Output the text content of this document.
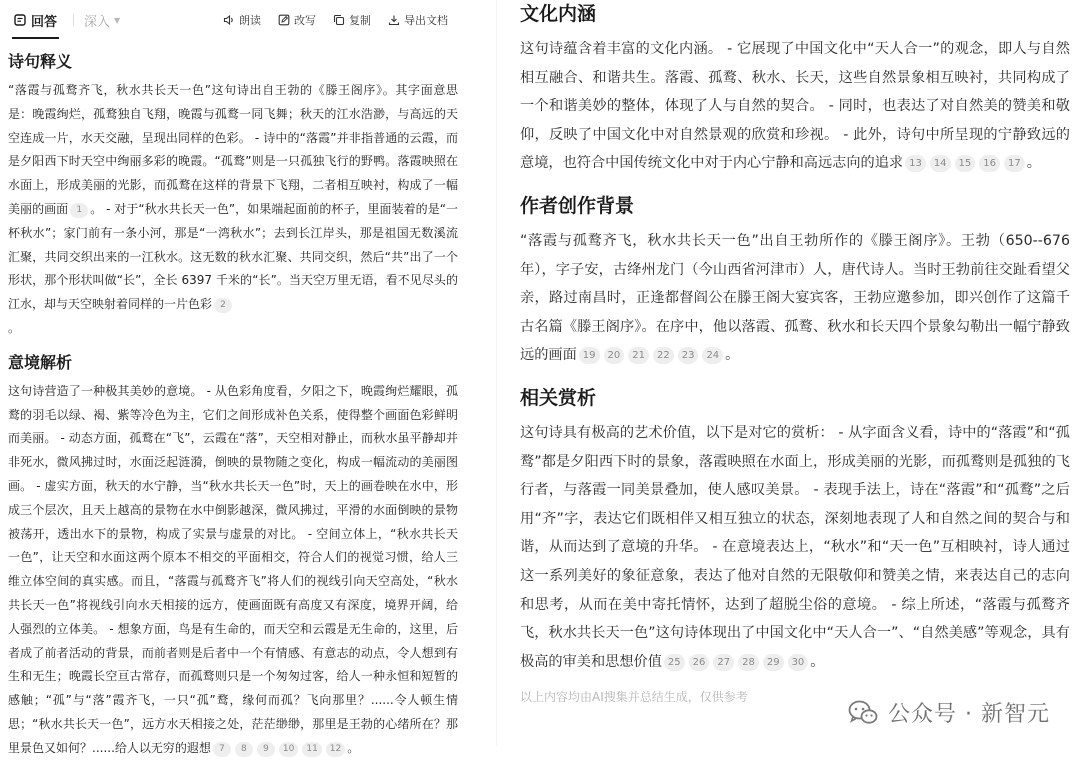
回答 深入 ▼	朗读	改写	复制	导出文档
诗句释义

“落霞与孤鹜齐飞，秋水共长天一色”这句诗出自王勃的《滕王阁序》。其字面意思是：晚霞绚烂，孤鹜独自飞翔，晚霞与孤鹜一同飞舞；秋天的江水浩渺，与高远的天空连成一片，水天交融，呈现出同样的色彩。 - 诗中的“落霞”并非指普通的云霞，而是夕阳西下时天空中绚丽多彩的晚霞。“孤鹜”则是一只孤独飞行的野鸭。落霞映照在水面上，形成美丽的光影，而孤鹜在这样的背景下飞翔，二者相互映衬，构成了一幅美丽的画面 1 。 - 对于“秋水共长天一色”，如果端起面前的杯子，里面装着的是“一杯秋水”；家门前有一条小河，那是“一湾秋水”；去到长江岸头，那是祖国无数溪流汇聚，共同交织出来的一江秋水。这无数的秋水汇聚、共同交织，然后“共”出了一个形状，那个形状叫做“长”，全长 6397 千米的“长”。当天空万里无语，看不见尽头的江水，却与天空映射着同样的一片色彩 2
。

意境解析

这句诗营造了一种极其美妙的意境。 - 从色彩角度看，夕阳之下，晚霞绚烂耀眼，孤鹜的羽毛以绿、褐、紫等冷色为主，它们之间形成补色关系，使得整个画面色彩鲜明而美丽。 - 动态方面，孤鹜在“飞”，云霞在“落”，天空相对静止，而秋水虽平静却并非死水，微风拂过时，水面泛起涟漪，倒映的景物随之变化，构成一幅流动的美丽图画。 - 虚实方面，秋天的水宁静，当“秋水共长天一色”时，天上的画卷映在水中，形成三个层次，且天上越高的景物在水中倒影越深，微风拂过，平滑的水面倒映的景物被荡开，透出水下的景物，构成了实景与虚景的对比。 - 空间立体上，“秋水共长天一色”，让天空和水面这两个原本不相交的平面相交，符合人们的视觉习惯，给人三维立体空间的真实感。而且，“落霞与孤鹜齐飞”将人们的视线引向天空高处，“秋水共长天一色”将视线引向水天相接的远方，使画面既有高度又有深度，境界开阔，给人强烈的立体美。 - 想象方面，鸟是有生命的，而天空和云霞是无生命的，这里，后者成了前者活动的背景，而前者则是后者中一个有情感、有意志的动点，令人想到有生和无生；晚霞长空亘古常存，而孤鹜则只是一个匆匆过客，给人一种永恒和短暂的感触；“孤”与“落”霞齐飞，一只“孤”鹜，缘何而孤？飞向那里？......令人顿生情思；“秋水共长天一色”，远方水天相接之处，茫茫缈缈，那里是王勃的心绪所在？那里景色又如何？......给人以无穷的遐想 7 8 9 10 11 12 。

文化内涵

这句诗蕴含着丰富的文化内涵。 - 它展现了中国文化中“天人合一”的观念，即人与自然相互融合、和谐共生。落霞、孤鹜、秋水、长天，这些自然景象相互映衬，共同构成了一个和谐美妙的整体，体现了人与自然的契合。 - 同时，也表达了对自然美的赞美和敬仰，反映了中国文化中对自然景观的欣赏和珍视。 - 此外，诗句中所呈现的宁静致远的意境，也符合中国传统文化中对于内心宁静和高远志向的追求 13 14 15 16 17 。

作者创作背景

“落霞与孤鹜齐飞，秋水共长天一色”出自王勃所作的《滕王阁序》。王勃（650--676 年），字子安，古绛州龙门（今山西省河津市）人，唐代诗人。当时王勃前往交趾看望父亲，路过南昌时，正逢都督阎公在滕王阁大宴宾客，王勃应邀参加，即兴创作了这篇千古名篇《滕王阁序》。在序中，他以落霞、孤鹜、秋水和长天四个景象勾勒出一幅宁静致远的画面 19 20 21 22 23 24 。

相关赏析

这句诗具有极高的艺术价值，以下是对它的赏析： - 从字面含义看，诗中的“落霞”和“孤鹜”都是夕阳西下时的景象，落霞映照在水面上，形成美丽的光影，而孤鹜则是孤独的飞行者，与落霞一同美景叠加，使人感叹美景。 - 表现手法上，诗在“落霞”和“孤鹜”之后用“齐”字，表达它们既相伴又相互独立的状态，深刻地表现了人和自然之间的契合与和谐，从而达到了意境的升华。 - 在意境表达上，“秋水”和“天一色”互相映衬，诗人通过这一系列美好的象征意象，表达了他对自然的无限敬仰和赞美之情，来表达自己的志向和思考，从而在美中寄托情怀，达到了超脱尘俗的意境。 - 综上所述，“落霞与孤鹜齐飞，秋水共长天一色”这句诗体现出了中国文化中“天人合一”、“自然美感”等观念，具有极高的审美和思想价值 25 26 27 28 29 30 。

以上内容均由AI搜集并总结生成，仅供参考
公众号 · 新智元
